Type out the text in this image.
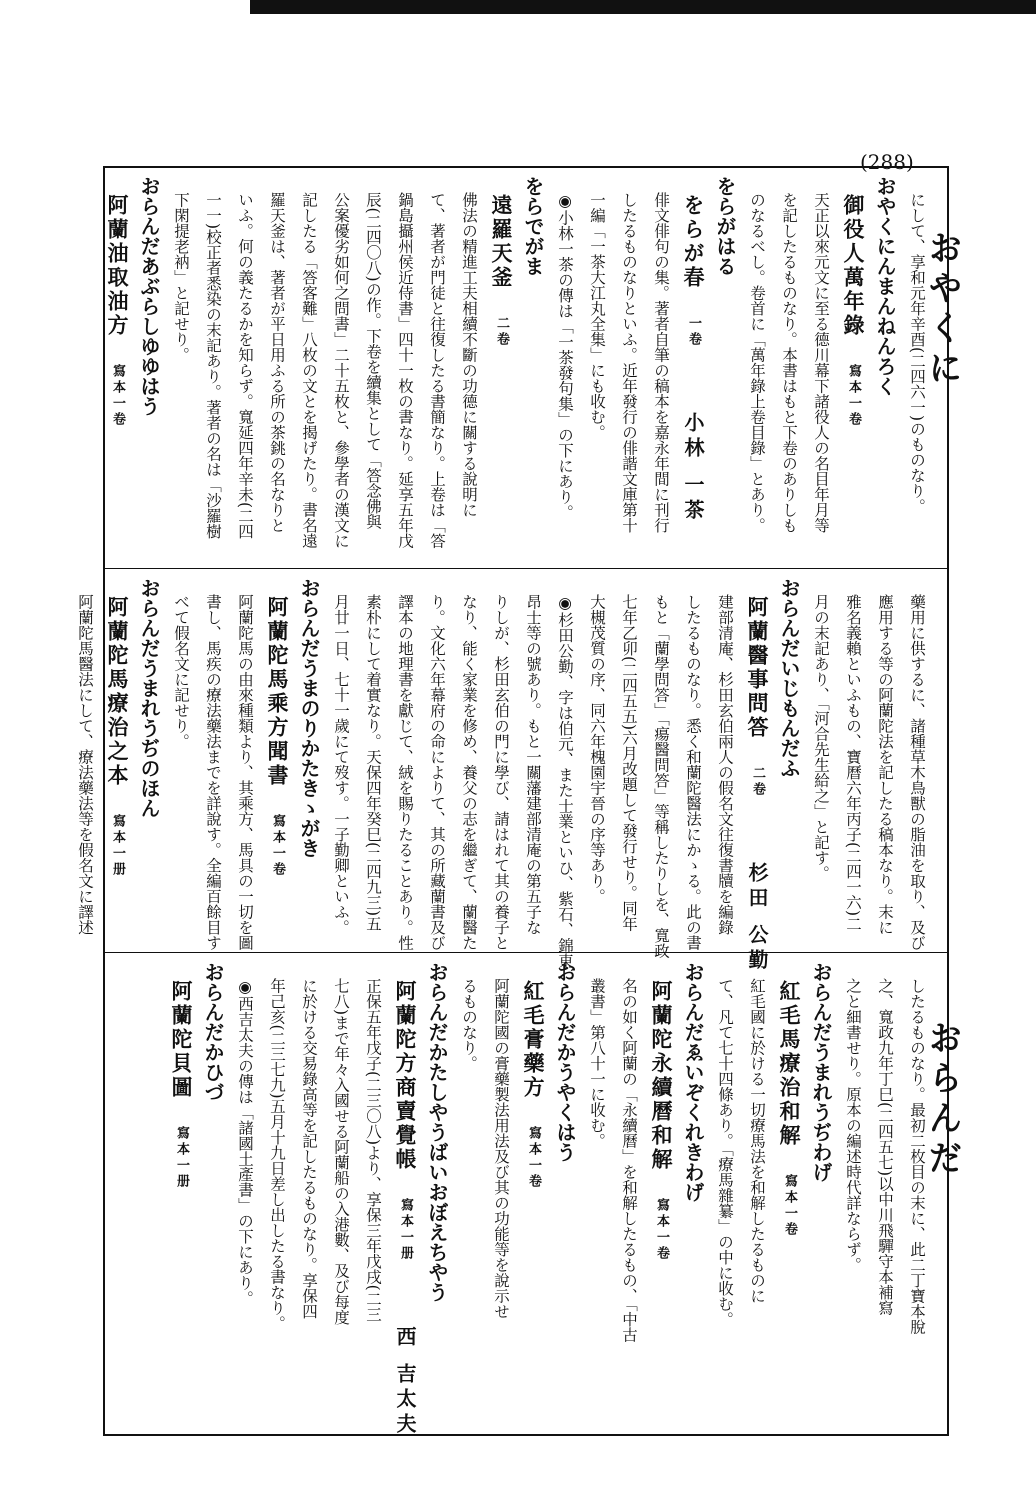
(288)
おやくに
おらんだ
にして、享和元年辛酉(二四六一)のものなり。
おやくにんまんねんろく
御役人萬年錄　寫本一卷
天正以來元文に至る德川幕下諸役人の名目年月等
を記したるものなり。本書はもと下卷のありしも
のなるべし。卷首に「萬年錄上卷目錄」とあり。
をらがはる
をらが春　一卷　　小林 一茶
俳文俳句の集。著者自筆の稿本を嘉永年間に刊行
したるものなりといふ。近年發行の俳諧文庫第十
一編「一茶大江丸全集」にも收む。
◉小林一茶の傳は「一茶發句集」の下にあり。
をらでがま
遠羅天釜　二卷
佛法の精進工夫相續不斷の功德に關する說明に
て、著者が門徒と往復したる書簡なり。上卷は「答
鍋島攝州侯近侍書」四十一枚の書なり。延享五年戊
辰(二四〇八)の作。下卷を續集として「答念佛與
公案優劣如何之問書」二十五枚と、參學者の漢文に
記したる「答客難」八枚の文とを揭げたり。書名遠
羅天釜は、著者が平日用ふる所の茶銚の名なりと
いふ。何の義たるかを知らず。寬延四年辛未(二四
一一)校正者悉染の末記あり。著者の名は「沙羅樹
下閑提老衲」と記せり。
おらんだあぶらしゆゆはう
阿蘭油取油方　寫本一卷
藥用に供するに、諸種草木鳥獸の脂油を取り、及び
應用する等の阿蘭陀法を記したる稿本なり。末に
雅名義賴といふもの、寶曆六年丙子(二四一六)二
月の末記あり、「河合先生給之」と記す。
おらんだいじもんだふ
阿蘭醫事問答　二卷　　杉田 公勤
建部清庵、杉田玄伯兩人の假名文往復書牘を編錄
したるものなり。悉く和蘭陀醫法にかゝる。此の書
もと「蘭學問答」「瘍醫問答」等稱したりしを、寬政
七年乙卯(二四五五)六月改題して發行せり。同年
大槻茂質の序、同六年槐園宇晉の序等あり。
◉杉田公勤、字は伯元、また士業といひ、紫石、錦東
昂士等の號あり。もと一關藩建部清庵の第五子な
りしが、杉田玄伯の門に學び、請はれて其の養子と
なり、能く家業を修め、養父の志を繼ぎて、蘭醫た
り。文化六年幕府の命によりて、其の所藏蘭書及び
譯本の地理書を獻じて、絨を賜りたることあり。性
素朴にして着實なり。天保四年癸巳(二四九三)五
月廿一日、七十一歲にて歿す。一子勤卿といふ。
おらんだうまのりかたきゝがき
阿蘭陀馬乘方聞書　寫本一卷
阿蘭陀馬の由來種類より、其乘方、馬具の一切を圖
書し、馬疾の療法藥法までを詳說す。全編百餘目す
べて假名文に記せり。
おらんだうまれうぢのほん
阿蘭陀馬療治之本　寫本一册
阿蘭陀馬醫法にして、療法藥法等を假名文に譯述
したるものなり。最初二枚目の末に、此二丁寶本脫
之、寬政九年丁巳(二四五七)以中川飛驒守本補寫
之と細書せり。原本の編述時代詳ならず。
おらんだうまれうぢわげ
紅毛馬療治和解　寫本一卷
紅毛國に於ける一切療馬法を和解したるものに
て、凡て七十四條あり。「療馬雜纂」の中に收む。
おらんだゑいぞくれきわげ
阿蘭陀永續曆和解　寫本一卷
名の如く阿蘭の「永續曆」を和解したるもの、「中古
叢書」第八十一に收む。
おらんだかうやくはう
紅毛膏藥方　寫本一卷
阿蘭陀國の膏藥製法用法及び其の功能等を說示せ
るものなり。
おらんだかたしやうばいおぼえちやう
阿蘭陀方商賣覺帳　寫本一册　　西 吉太夫
正保五年戊子(二三〇八)より、享保三年戊戌(二三
七八)まで年々入國せる阿蘭船の入港數、及び每度
に於ける交易錄高等を記したるものなり。享保四
年己亥(二三七九)五月十九日差し出したる書なり。
◉西吉太夫の傳は「諸國土產書」の下にあり。
おらんだかひづ
阿蘭陀貝圖　寫本一册
